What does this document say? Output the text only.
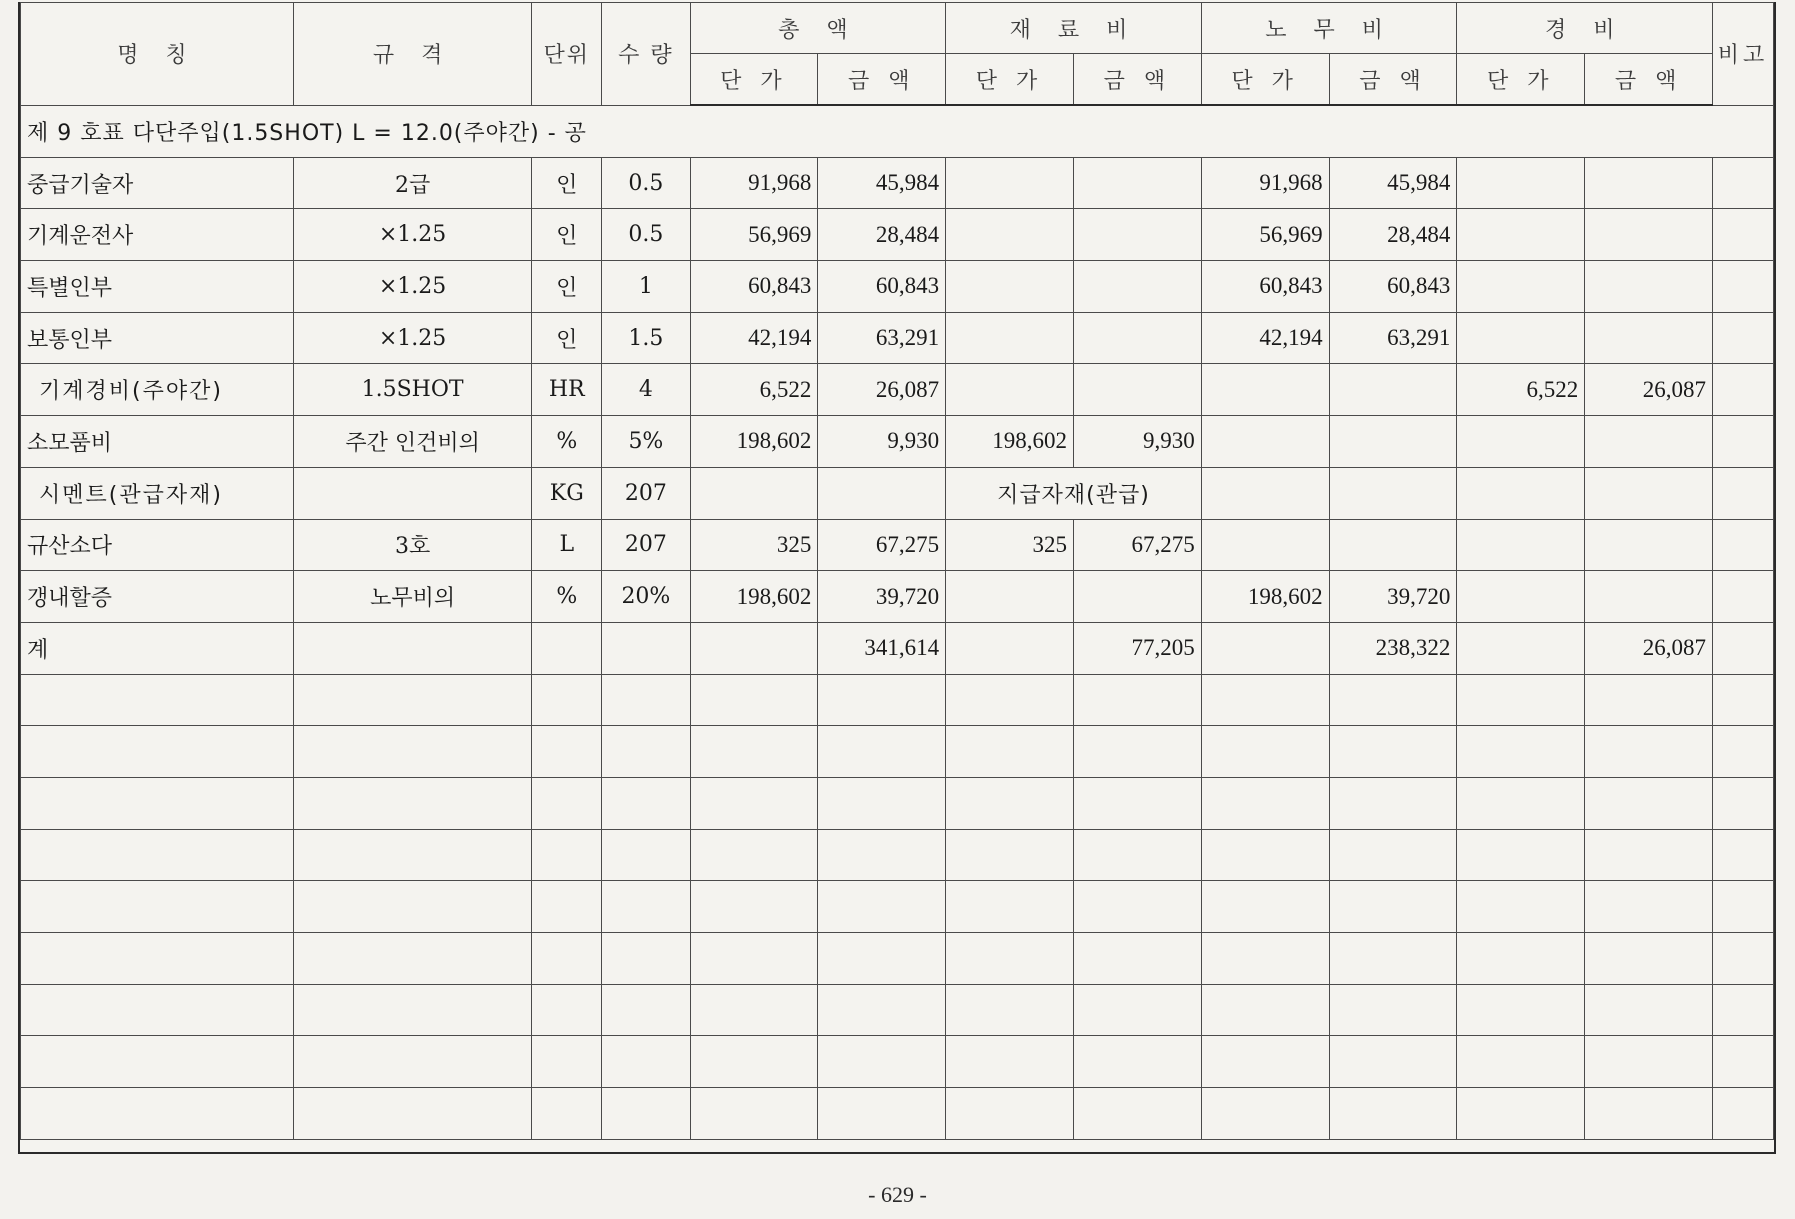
명 칭	규 격	단위	수 량	총 액		재 료 비		노 무 비		경 비		비고
				단 가	금 액	단 가	금 액	단 가	금 액	단 가	금 액	
제 9 호표 다단주입(1.5SHOT) L = 12.0(주야간) - 공												
중급기술자	2급	인	0.5	91,968	45,984			91,968	45,984			
기계운전사	×1.25	인	0.5	56,969	28,484			56,969	28,484			
특별인부	×1.25	인	1	60,843	60,843			60,843	60,843			
보통인부	×1.25	인	1.5	42,194	63,291			42,194	63,291			
기계경비(주야간)	1.5SHOT	HR	4	6,522	26,087					6,522	26,087	
소모품비	주간 인건비의	%	5%	198,602	9,930	198,602	9,930					
시멘트(관급자재)		KG	207			지급자재(관급)						
규산소다	3호	L	207	325	67,275	325	67,275					
갱내할증	노무비의	%	20%	198,602	39,720			198,602	39,720			
계					341,614		77,205		238,322		26,087	

- 629 -
